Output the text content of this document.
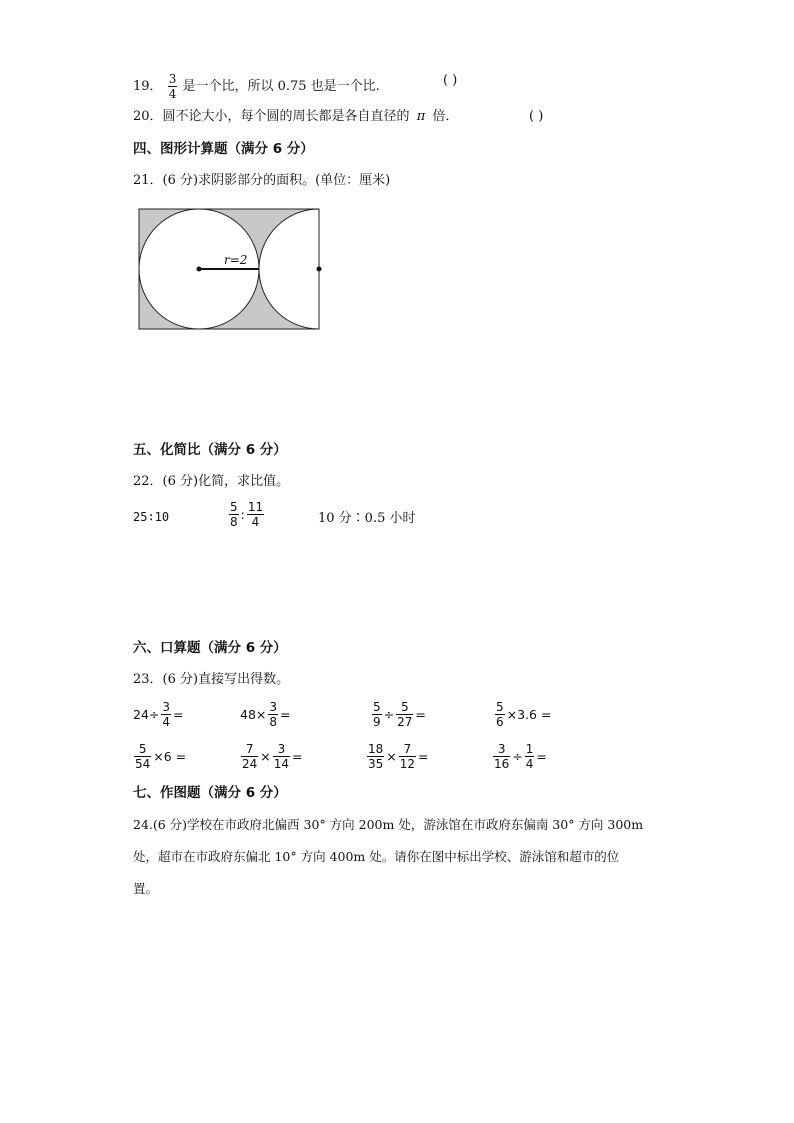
19． $\frac{3}{4}$ 是一个比，所以 0.75 也是一个比.	( )
20．圆不论大小，每个圆的周长都是各自直径的 π 倍．	( )
四、图形计算题（满分 6 分）
21．(6 分)求阴影部分的面积。(单位：厘米)
r=2
五、化简比（满分 6 分）
22．(6 分)化简，求比值。
25∶10	$\frac{5}{8}$ : $\frac{11}{4}$	10 分∶0.5 小时
六、口算题（满分 6 分）
23．(6 分)直接写出得数。
$24\div \frac{3}{4}$ =	$48\times \frac{3}{8}$ =	$\frac{5}{9} \div \frac{5}{27}$ =	$\frac{5}{6} \times 3.6$ =
$\frac{5}{54} \times 6$ =	$\frac{7}{24} \times \frac{3}{14}$ =	$\frac{18}{35} \times \frac{7}{12}$ =	$\frac{3}{16} \div \frac{1}{4}$ =
七、作图题（满分 6 分）
24.(6 分)学校在市政府北偏西 30° 方向 200m 处，游泳馆在市政府东偏南 30° 方向 300m
处，超市在市政府东偏北 10° 方向 400m 处。请你在图中标出学校、游泳馆和超市的位
置。
